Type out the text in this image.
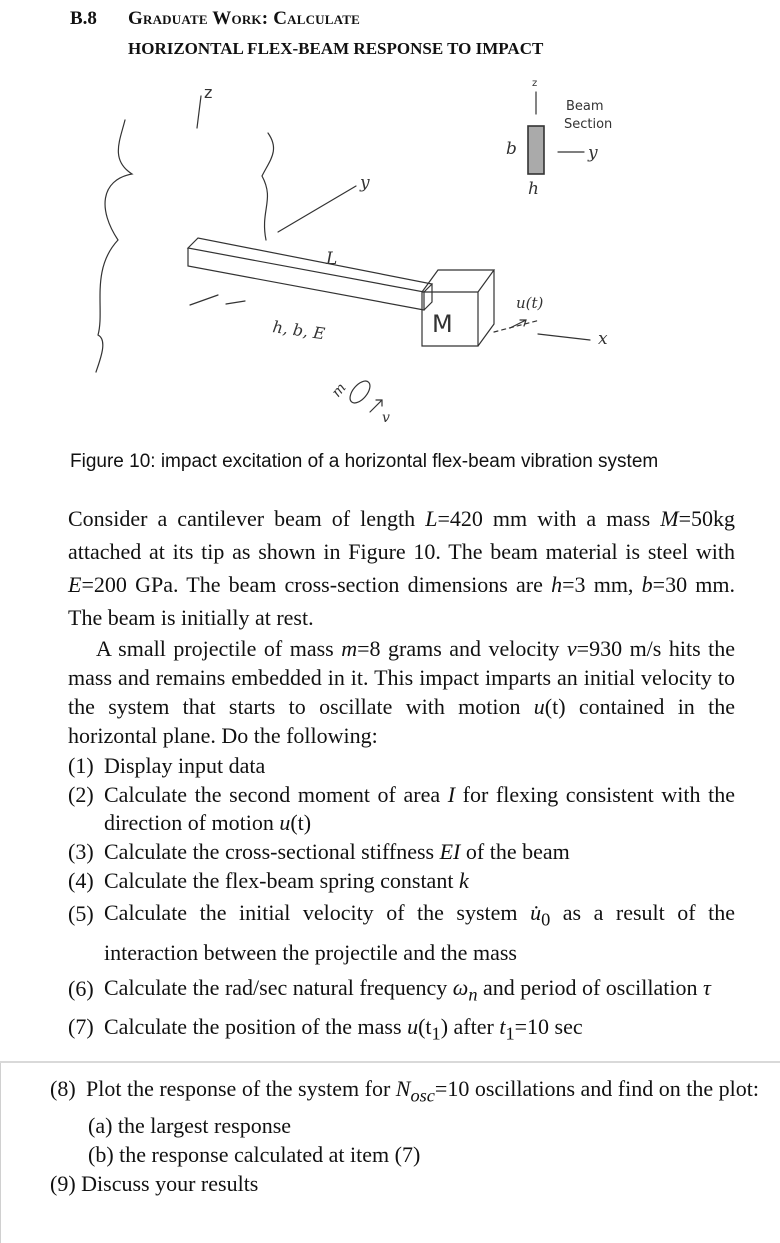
B.8 Graduate Work: Calculate
HORIZONTAL FLEX-BEAM RESPONSE TO IMPACT
z
y
L
h, b, E	M
u(t)
x
m
v
z
b
h
y
Beam
Section
Figure 10: impact excitation of a horizontal flex-beam vibration system
Consider a cantilever beam of length L=420 mm with a mass M=50kg attached at its tip as shown in Figure 10. The beam material is steel with E=200 GPa. The beam cross-section dimensions are h=3 mm, b=30 mm. The beam is initially at rest.
A small projectile of mass m=8 grams and velocity v=930 m/s hits the mass and remains embedded in it. This impact imparts an initial velocity to the system that starts to oscillate with motion u(t) contained in the horizontal plane. Do the following:
(1) Display input data
(2) Calculate the second moment of area I for flexing consistent with the direction of motion u(t)
(3) Calculate the cross-sectional stiffness EI of the beam
(4) Calculate the flex-beam spring constant k
(5) Calculate the initial velocity of the system $u̇_0$ as a result of the interaction between the projectile and the mass
(6) Calculate the rad/sec natural frequency $\omega_n$ and period of oscillation τ
(7) Calculate the position of the mass $u(t_1)$ after $t_1=10$ sec
(8) Plot the response of the system for $N_{osc}=10$ oscillations and find on the plot:
(a) the largest response
(b) the response calculated at item (7)
(9) Discuss your results
